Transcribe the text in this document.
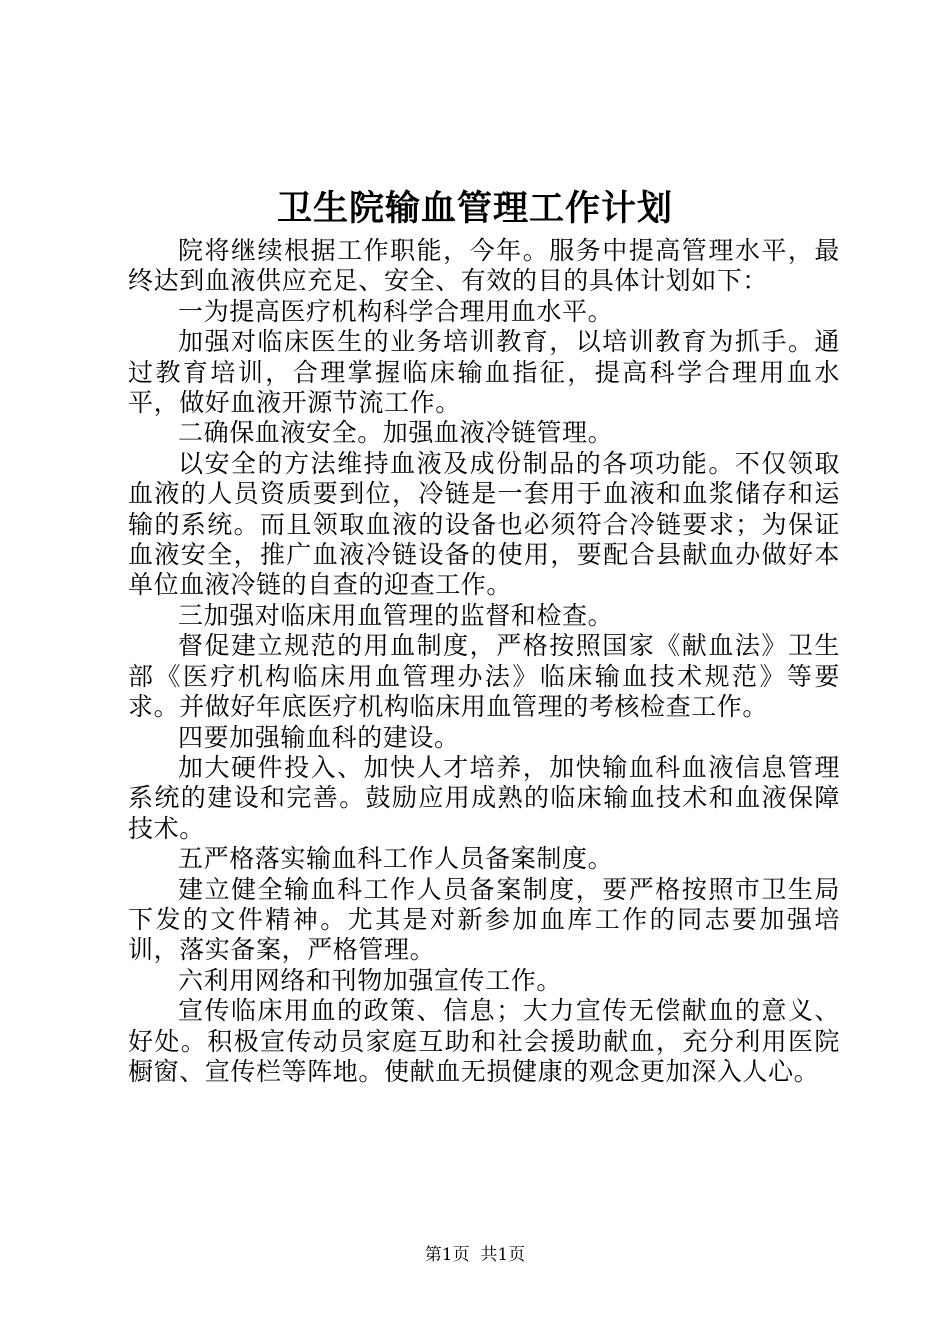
卫生院输血管理工作计划

院将继续根据工作职能，今年。服务中提高管理水平，最终达到血液供应充足、安全、有效的目的具体计划如下：

一为提高医疗机构科学合理用血水平。

加强对临床医生的业务培训教育，以培训教育为抓手。通过教育培训，合理掌握临床输血指征，提高科学合理用血水平，做好血液开源节流工作。

二确保血液安全。加强血液冷链管理。

以安全的方法维持血液及成份制品的各项功能。不仅领取血液的人员资质要到位，冷链是一套用于血液和血浆储存和运输的系统。而且领取血液的设备也必须符合冷链要求；为保证血液安全，推广血液冷链设备的使用，要配合县献血办做好本单位血液冷链的自查的迎查工作。

三加强对临床用血管理的监督和检查。

督促建立规范的用血制度，严格按照国家《献血法》卫生部《医疗机构临床用血管理办法》临床输血技术规范》等要求。并做好年底医疗机构临床用血管理的考核检查工作。

四要加强输血科的建设。

加大硬件投入、加快人才培养，加快输血科血液信息管理系统的建设和完善。鼓励应用成熟的临床输血技术和血液保障技术。

五严格落实输血科工作人员备案制度。

建立健全输血科工作人员备案制度，要严格按照市卫生局下发的文件精神。尤其是对新参加血库工作的同志要加强培训，落实备案，严格管理。

六利用网络和刊物加强宣传工作。

宣传临床用血的政策、信息；大力宣传无偿献血的意义、好处。积极宣传动员家庭互助和社会援助献血，充分利用医院橱窗、宣传栏等阵地。使献血无损健康的观念更加深入人心。

第1页 共1页
